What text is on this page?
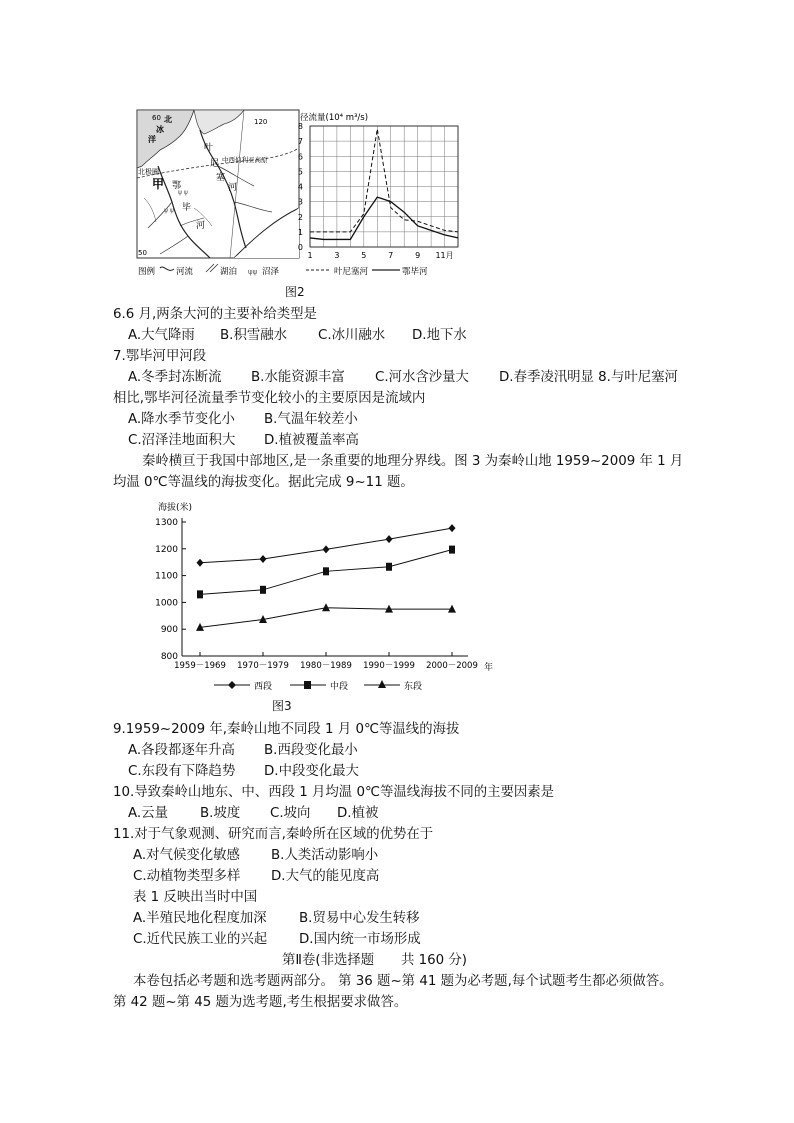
ψ ψ
ψ ψ
60	120
北
冰
洋
北极圈
甲
中西伯利亚高原
叶
尼
塞
河
鄂
毕
河
50
径流量(10⁴ m³/s)
0
1
2
3
4
5
6
7
8
1	3	5	7	9 11月
图例 河流	湖泊 ψψ 沼泽	叶尼塞河	鄂毕河
图2
6.6 月,两条大河的主要补给类型是
A.大气降雨 B.积雪融水 C.冰川融水 D.地下水
7.鄂毕河甲河段
A.冬季封冻断流 B.水能资源丰富 C.河水含沙量大 D.春季凌汛明显 8.与叶尼塞河
相比,鄂毕河径流量季节变化较小的主要原因是流域内
A.降水季节变化小 B.气温年较差小
C.沼泽洼地面积大 D.植被覆盖率高
秦岭横亘于我国中部地区,是一条重要的地理分界线。图 3 为秦岭山地 1959~2009 年 1 月
均温 0℃等温线的海拔变化。据此完成 9~11 题。
海拔(米)
800
900
1000
1100
1200
1300
1959－1969 1970－1979 1980－1989 1990－1999 2000－2009 年
西段	中段	东段
图3
9.1959~2009 年,秦岭山地不同段 1 月 0℃等温线的海拔
A.各段都逐年升高 B.西段变化最小
C.东段有下降趋势 D.中段变化最大
10.导致秦岭山地东、中、西段 1 月均温 0℃等温线海拔不同的主要因素是
A.云量 B.坡度 C.坡向 D.植被
11.对于气象观测、研究而言,秦岭所在区域的优势在于
A.对气候变化敏感 B.人类活动影响小
C.动植物类型多样 D.大气的能见度高
表 1 反映出当时中国
A.半殖民地化程度加深 B.贸易中心发生转移
C.近代民族工业的兴起 D.国内统一市场形成
第Ⅱ卷(非选择题　　共 160 分)
本卷包括必考题和选考题两部分。 第 36 题~第 41 题为必考题,每个试题考生都必须做答。
第 42 题~第 45 题为选考题,考生根据要求做答。
